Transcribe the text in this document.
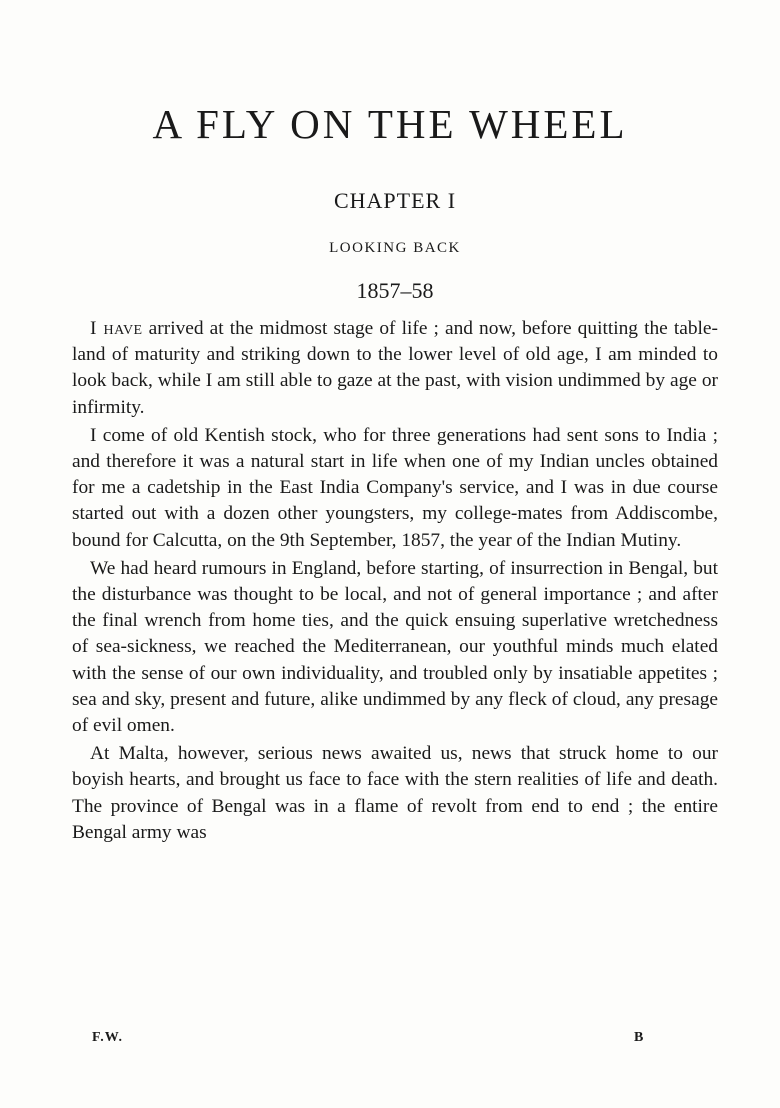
A FLY ON THE WHEEL
CHAPTER I
LOOKING BACK
1857–58

I have arrived at the midmost stage of life ; and now, before quitting the table-land of maturity and striking down to the lower level of old age, I am minded to look back, while I am still able to gaze at the past, with vision undimmed by age or infirmity.

I come of old Kentish stock, who for three generations had sent sons to India ; and therefore it was a natural start in life when one of my Indian uncles obtained for me a cadetship in the East India Company's service, and I was in due course started out with a dozen other youngsters, my college-mates from Addiscombe, bound for Calcutta, on the 9th September, 1857, the year of the Indian Mutiny.

We had heard rumours in England, before starting, of insurrection in Bengal, but the disturbance was thought to be local, and not of general importance ; and after the final wrench from home ties, and the quick ensuing superlative wretchedness of sea-sickness, we reached the Mediterranean, our youthful minds much elated with the sense of our own individuality, and troubled only by insatiable appetites ; sea and sky, present and future, alike undimmed by any fleck of cloud, any presage of evil omen.

At Malta, however, serious news awaited us, news that struck home to our boyish hearts, and brought us face to face with the stern realities of life and death. The province of Bengal was in a flame of revolt from end to end ; the entire Bengal army was

F.W.	B
